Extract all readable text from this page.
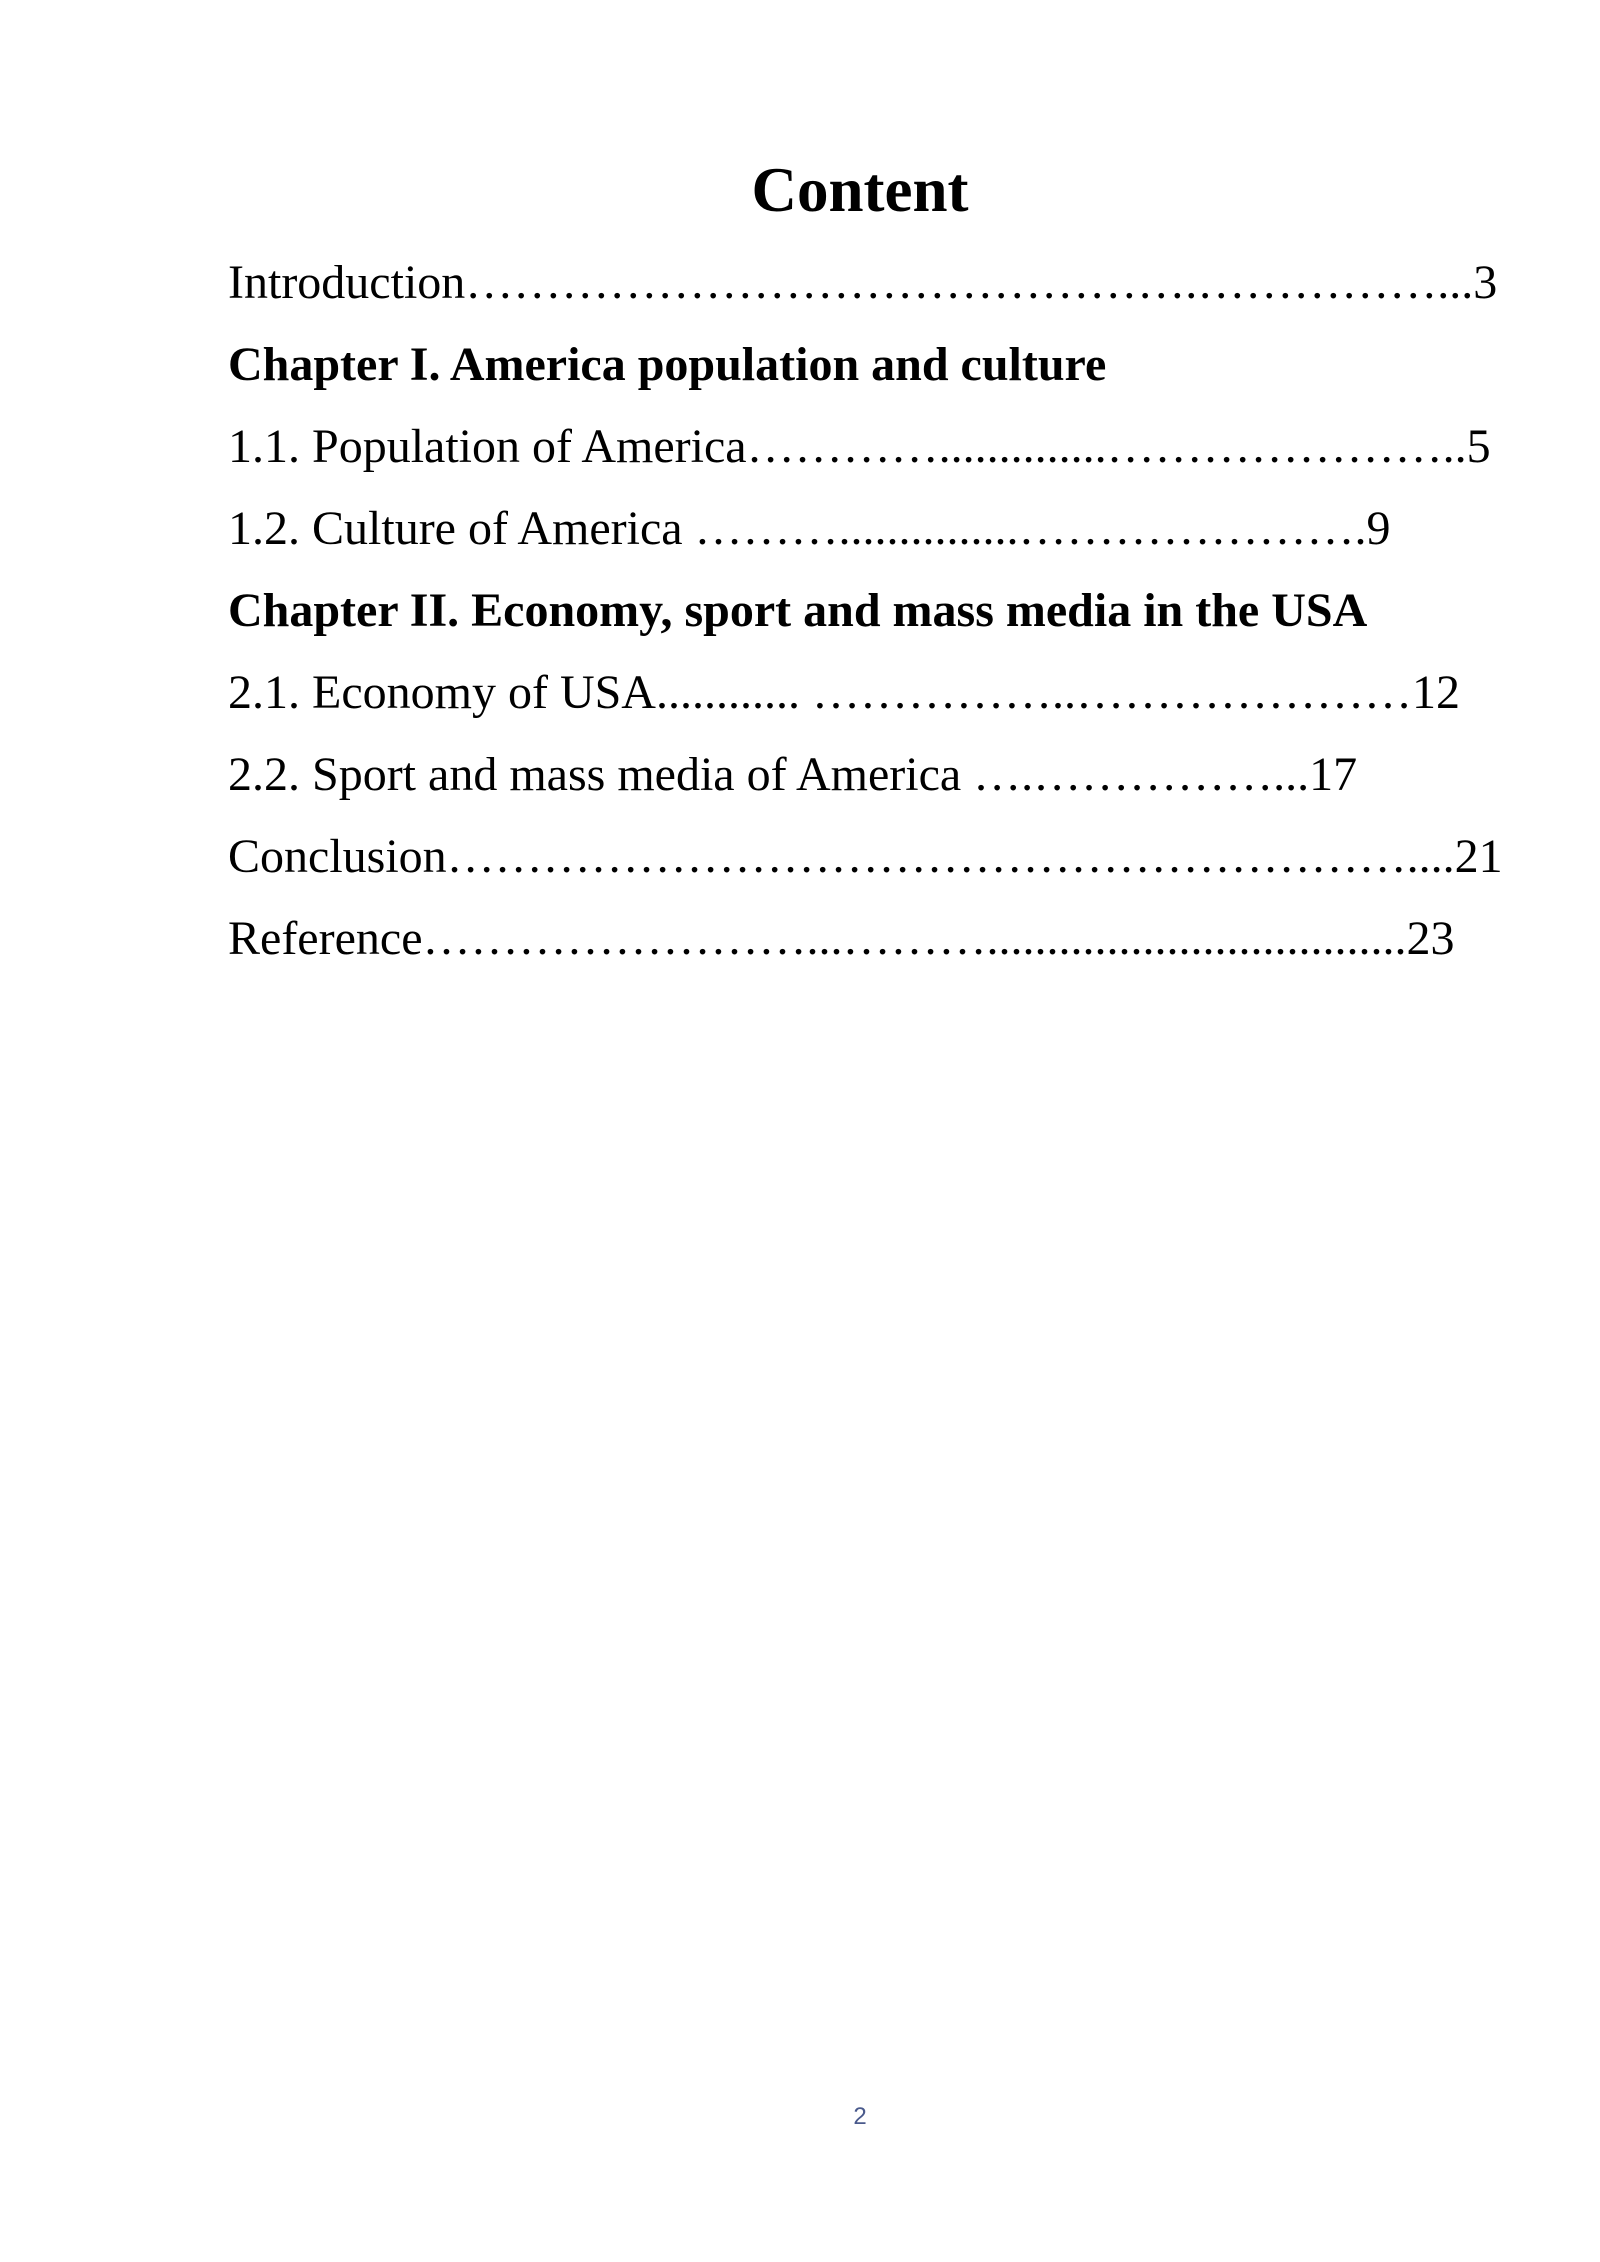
Content
Introduction……………………………………….……………...3
Chapter I. America population and culture
1.1. Population of America…………..............…………………..5
1.2. Culture of America ………...............………………….9
Chapter II. Economy, sport and mass media in the USA
2.1. Economy of USA............ ……………..…………………12
2.2. Sport and mass media of America ….……………...17
Conclusion……………………………………………………....21
Reference……………………...………...................................23
2
